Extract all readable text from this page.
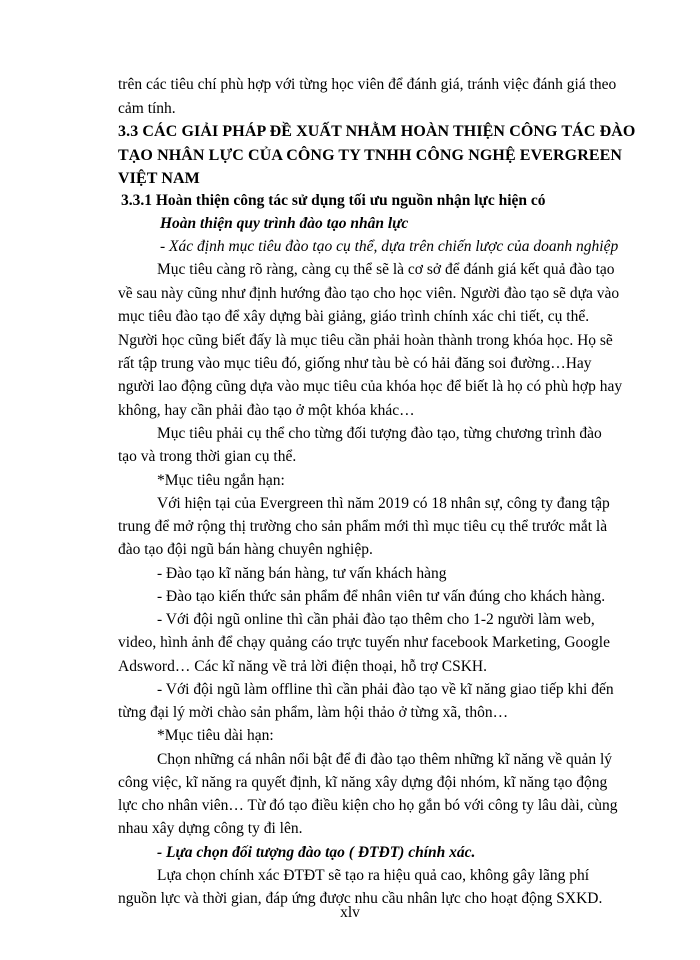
trên các tiêu chí phù hợp với từng học viên để đánh giá, tránh việc đánh giá theo
cảm tính.
3.3 CÁC GIẢI PHÁP ĐỀ XUẤT NHẰM HOÀN THIỆN CÔNG TÁC ĐÀO
TẠO NHÂN LỰC CỦA CÔNG TY TNHH CÔNG NGHỆ EVERGREEN
VIỆT NAM
3.3.1 Hoàn thiện công tác sử dụng tối ưu nguồn nhận lực hiện có
Hoàn thiện quy trình đào tạo nhân lực
- Xác định mục tiêu đào tạo cụ thể, dựa trên chiến lược của doanh nghiệp
Mục tiêu càng rõ ràng, càng cụ thể sẽ là cơ sở để đánh giá kết quả đào tạo
về sau này cũng như định hướng đào tạo cho học viên. Người đào tạo sẽ dựa vào
mục tiêu đào tạo để xây dựng bài giảng, giáo trình chính xác chi tiết, cụ thể.
Người học cũng biết đấy là mục tiêu cần phải hoàn thành trong khóa học. Họ sẽ
rất tập trung vào mục tiêu đó, giống như tàu bè có hải đăng soi đường…Hay
người lao động cũng dựa vào mục tiêu của khóa học để biết là họ có phù hợp hay
không, hay cần phải đào tạo ở một khóa khác…
Mục tiêu phải cụ thể cho từng đối tượng đào tạo, từng chương trình đào
tạo và trong thời gian cụ thể.
*Mục tiêu ngắn hạn:
Với hiện tại của Evergreen thì năm 2019 có 18 nhân sự, công ty đang tập
trung để mở rộng thị trường cho sản phẩm mới thì mục tiêu cụ thể trước mắt là
đào tạo đội ngũ bán hàng chuyên nghiệp.
- Đào tạo kĩ năng bán hàng, tư vấn khách hàng
- Đào tạo kiến thức sản phẩm để nhân viên tư vấn đúng cho khách hàng.
- Với đội ngũ online thì cần phải đào tạo thêm cho 1-2 người làm web,
video, hình ảnh để chạy quảng cáo trực tuyến như facebook Marketing, Google
Adsword… Các kĩ năng về trả lời điện thoại, hỗ trợ CSKH.
- Với đội ngũ làm offline thì cần phải đào tạo về kĩ năng giao tiếp khi đến
từng đại lý mời chào sản phẩm, làm hội thảo ở từng xã, thôn…
*Mục tiêu dài hạn:
Chọn những cá nhân nổi bật để đi đào tạo thêm những kĩ năng về quản lý
công việc, kĩ năng ra quyết định, kĩ năng xây dựng đội nhóm, kĩ năng tạo động
lực cho nhân viên… Từ đó tạo điều kiện cho họ gắn bó với công ty lâu dài, cùng
nhau xây dựng công ty đi lên.
- Lựa chọn đối tượng đào tạo ( ĐTĐT) chính xác.
Lựa chọn chính xác ĐTĐT sẽ tạo ra hiệu quả cao, không gây lãng phí
nguồn lực và thời gian, đáp ứng được nhu cầu nhân lực cho hoạt động SXKD.
xlv
